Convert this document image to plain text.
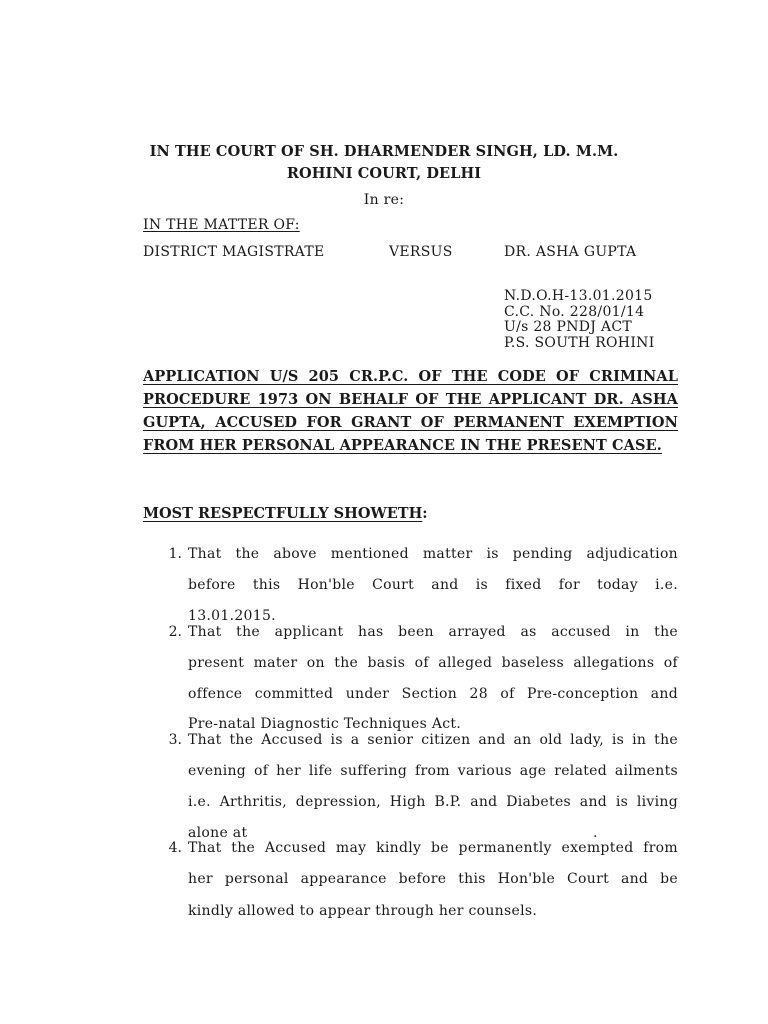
IN THE COURT OF SH. DHARMENDER SINGH, LD. M.M.
ROHINI COURT, DELHI
In re:
IN THE MATTER OF:
DISTRICT MAGISTRATE	VERSUS	DR. ASHA GUPTA
N.D.O.H-13.01.2015
C.C. No. 228/01/14
U/s 28 PNDJ ACT
P.S. SOUTH ROHINI
APPLICATION U/S 205 CR.P.C. OF THE CODE OF CRIMINAL
PROCEDURE 1973 ON BEHALF OF THE APPLICANT DR. ASHA
GUPTA, ACCUSED FOR GRANT OF PERMANENT EXEMPTION
FROM HER PERSONAL APPEARANCE IN THE PRESENT CASE.
MOST RESPECTFULLY SHOWETH:
1. That the above mentioned matter is pending adjudication
before this Hon'ble Court and is fixed for today i.e.
13.01.2015.
2. That the applicant has been arrayed as accused in the
present mater on the basis of alleged baseless allegations of
offence committed under Section 28 of Pre-conception and
Pre-natal Diagnostic Techniques Act.
3. That the Accused is a senior citizen and an old lady, is in the
evening of her life suffering from various age related ailments
i.e. Arthritis, depression, High B.P. and Diabetes and is living
alone at	.
4. That the Accused may kindly be permanently exempted from
her personal appearance before this Hon'ble Court and be
kindly allowed to appear through her counsels.
